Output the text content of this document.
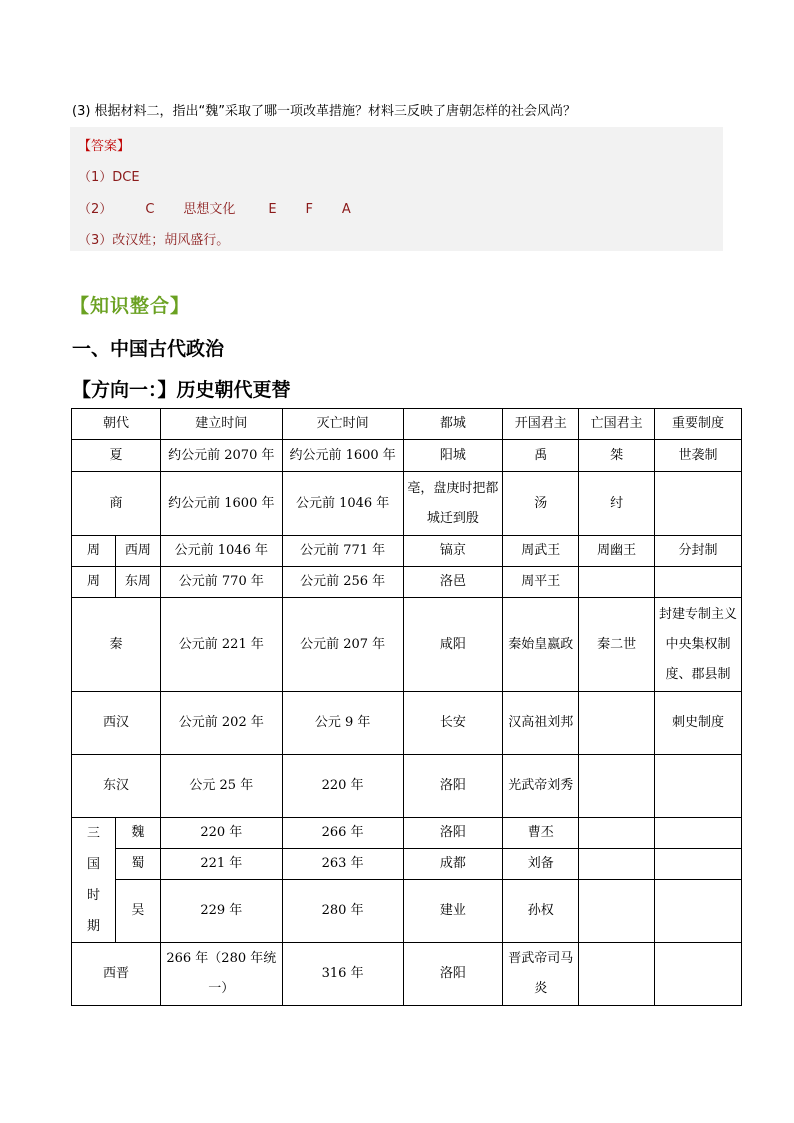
(3) 根据材料二，指出“魏”采取了哪一项改革措施？材料三反映了唐朝怎样的社会风尚？
【答案】
（1）DCE
（2）        C       思想文化        E       F       A
（3）改汉姓；胡风盛行。
【知识整合】
一、中国古代政治
【方向一：】历史朝代更替
朝代		建立时间	灭亡时间	都城	开国君主	亡国君主	重要制度
夏		约公元前 2070 年	约公元前 1600 年	阳城	禹	桀	世袭制
商		约公元前 1600 年	公元前 1046 年	亳，盘庚时把都城迁到殷	汤	纣	
周	西周	公元前 1046 年	公元前 771 年	镐京	周武王	周幽王	分封制
周	东周	公元前 770 年	公元前 256 年	洛邑	周平王		
秦		公元前 221 年	公元前 207 年	咸阳	秦始皇嬴政	秦二世	封建专制主义中央集权制度、郡县制
西汉		公元前 202 年	公元 9 年	长安	汉高祖刘邦		刺史制度
东汉		公元 25 年	220 年	洛阳	光武帝刘秀		
三国时期	魏	220 年	266 年	洛阳	曹丕		
	蜀	221 年	263 年	成都	刘备		
	吴	229 年	280 年	建业	孙权		
西晋		266 年（280 年统一）	316 年	洛阳	晋武帝司马炎		
